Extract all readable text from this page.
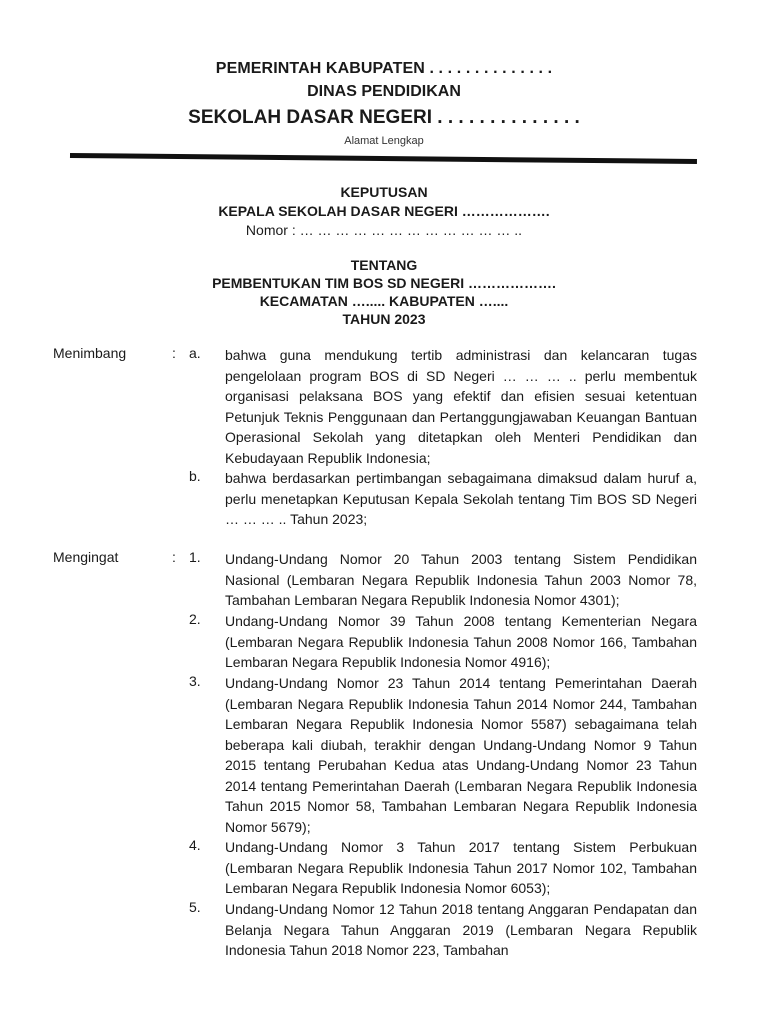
PEMERINTAH KABUPATEN . . . . . . . . . . . . . .
DINAS PENDIDIKAN
SEKOLAH DASAR NEGERI . . . . . . . . . . . . . .
Alamat Lengkap
KEPUTUSAN
KEPALA SEKOLAH DASAR NEGERI ……………….
Nomor : … … … … … … … … … … … … ..
TENTANG
PEMBENTUKAN TIM BOS SD NEGERI ……………….
KECAMATAN …..... KABUPATEN …....
TAHUN 2023
Menimbang	: a.	bahwa guna mendukung tertib administrasi dan kelancaran tugas pengelolaan program BOS di SD Negeri … … … .. perlu membentuk organisasi pelaksana BOS yang efektif dan efisien sesuai ketentuan Petunjuk Teknis Penggunaan dan Pertanggungjawaban Keuangan Bantuan Operasional Sekolah yang ditetapkan oleh Menteri Pendidikan dan Kebudayaan Republik Indonesia;
b.	bahwa berdasarkan pertimbangan sebagaimana dimaksud dalam huruf a, perlu menetapkan Keputusan Kepala Sekolah tentang Tim BOS SD Negeri … … … .. Tahun 2023;
Mengingat	: 1.	Undang-Undang Nomor 20 Tahun 2003 tentang Sistem Pendidikan Nasional (Lembaran Negara Republik Indonesia Tahun 2003 Nomor 78, Tambahan Lembaran Negara Republik Indonesia Nomor 4301);
2.	Undang-Undang Nomor 39 Tahun 2008 tentang Kementerian Negara (Lembaran Negara Republik Indonesia Tahun 2008 Nomor 166, Tambahan Lembaran Negara Republik Indonesia Nomor 4916);
3.	Undang-Undang Nomor 23 Tahun 2014 tentang Pemerintahan Daerah (Lembaran Negara Republik Indonesia Tahun 2014 Nomor 244, Tambahan Lembaran Negara Republik Indonesia Nomor 5587) sebagaimana telah beberapa kali diubah, terakhir dengan Undang-Undang Nomor 9 Tahun 2015 tentang Perubahan Kedua atas Undang-Undang Nomor 23 Tahun 2014 tentang Pemerintahan Daerah (Lembaran Negara Republik Indonesia Tahun 2015 Nomor 58, Tambahan Lembaran Negara Republik Indonesia Nomor 5679);
4.	Undang-Undang Nomor 3 Tahun 2017 tentang Sistem Perbukuan (Lembaran Negara Republik Indonesia Tahun 2017 Nomor 102, Tambahan Lembaran Negara Republik Indonesia Nomor 6053);
5.	Undang-Undang Nomor 12 Tahun 2018 tentang Anggaran Pendapatan dan Belanja Negara Tahun Anggaran 2019 (Lembaran Negara Republik Indonesia Tahun 2018 Nomor 223, Tambahan
